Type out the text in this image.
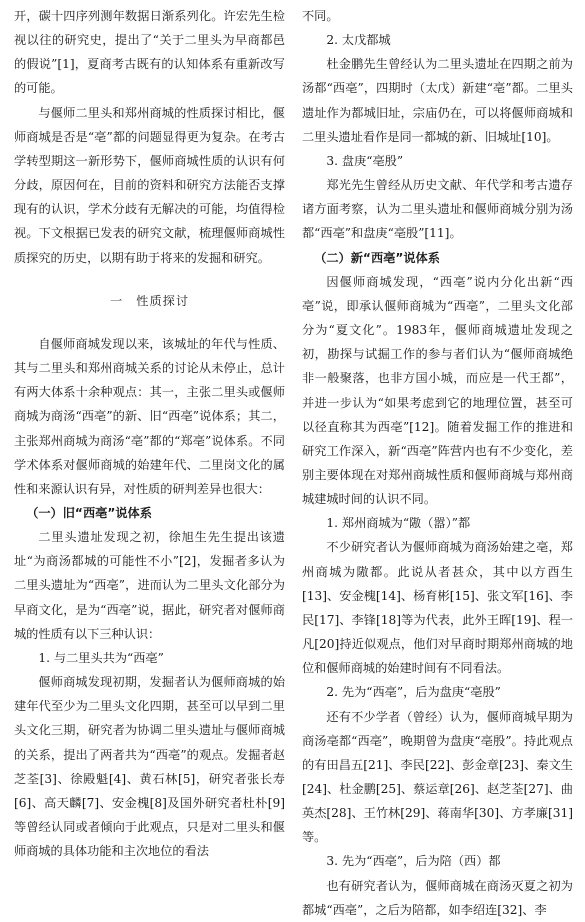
开，碳十四序列测年数据日渐系列化。许宏先生检视以往的研究史，提出了“关于二里头为早商都邑的假说”[1]，夏商考古既有的认知体系有重新改写的可能。
与偃师二里头和郑州商城的性质探讨相比，偃师商城是否是“亳”都的问题显得更为复杂。在考古学转型期这一新形势下，偃师商城性质的认识有何分歧，原因何在，目前的资料和研究方法能否支撑现有的认识，学术分歧有无解决的可能，均值得检视。下文根据已发表的研究文献，梳理偃师商城性质探究的历史，以期有助于将来的发掘和研究。
一　性质探讨
自偃师商城发现以来，该城址的年代与性质、其与二里头和郑州商城关系的讨论从未停止，总计有两大体系十余种观点：其一，主张二里头或偃师商城为商汤“西亳”的新、旧“西亳”说体系；其二，主张郑州商城为商汤“亳”都的“郑亳”说体系。不同学术体系对偃师商城的始建年代、二里岗文化的属性和来源认识有异，对性质的研判差异也很大：
（一）旧“西亳”说体系
二里头遗址发现之初，徐旭生先生提出该遗址“为商汤都城的可能性不小”[2]，发掘者多认为二里头遗址为“西亳”，进而认为二里头文化部分为早商文化，是为“西亳”说，据此，研究者对偃师商城的性质有以下三种认识：
1. 与二里头共为“西亳”
偃师商城发现初期，发掘者认为偃师商城的始建年代至少为二里头文化四期，甚至可以早到二里头文化三期，研究者为协调二里头遗址与偃师商城的关系，提出了两者共为“西亳”的观点。发掘者赵芝荃[3]、徐殿魁[4]、黄石林[5]，研究者张长寿[6]、高天麟[7]、安金槐[8]及国外研究者杜朴[9]等曾经认同或者倾向于此观点，只是对二里头和偃师商城的具体功能和主次地位的看法
不同。
2. 太戊都城
杜金鹏先生曾经认为二里头遗址在四期之前为汤都“西亳”，四期时（太戊）新建“亳”都。二里头遗址作为都城旧址，宗庙仍在，可以将偃师商城和二里头遗址看作是同一都城的新、旧城址[10]。
3. 盘庚“亳殷”
郑光先生曾经从历史文献、年代学和考古遗存诸方面考察，认为二里头遗址和偃师商城分别为汤都“西亳”和盘庚“亳殷”[11]。
（二）新“西亳”说体系
因偃师商城发现，“西亳”说内分化出新“西亳”说，即承认偃师商城为“西亳”，二里头文化部分为“夏文化”。1983年，偃师商城遗址发现之初，勘探与试掘工作的参与者们认为“偃师商城绝非一般聚落，也非方国小城，而应是一代王都”，并进一步认为“如果考虑到它的地理位置，甚至可以径直称其为西亳”[12]。随着发掘工作的推进和研究工作深入，新“西亳”阵营内也有不少变化，差别主要体现在对郑州商城性质和偃师商城与郑州商城建城时间的认识不同。
1. 郑州商城为“隞（嚣）”都
不少研究者认为偃师商城为商汤始建之亳，郑州商城为隞都。此说从者甚众，其中以方酉生[13]、安金槐[14]、杨育彬[15]、张文军[16]、李民[17]、李锋[18]等为代表，此外王晖[19]、程一凡[20]持近似观点，他们对早商时期郑州商城的地位和偃师商城的始建时间有不同看法。
2. 先为“西亳”，后为盘庚“亳殷”
还有不少学者（曾经）认为，偃师商城早期为商汤亳都“西亳”，晚期曾为盘庚“亳殷”。持此观点的有田昌五[21]、李民[22]、彭金章[23]、秦文生[24]、杜金鹏[25]、蔡运章[26]、赵芝荃[27]、曲英杰[28]、王竹林[29]、蒋南华[30]、方孝廉[31]等。
3. 先为“西亳”，后为陪（西）都
也有研究者认为，偃师商城在商汤灭夏之初为都城“西亳”，之后为陪都，如李绍连[32]、李
